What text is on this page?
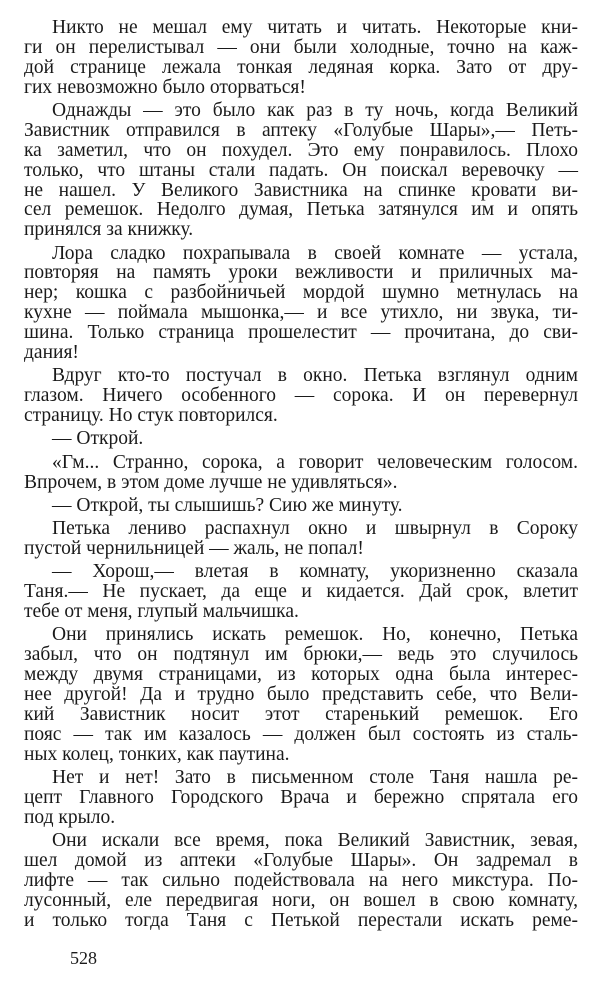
Никто не мешал ему читать и читать. Некоторые кни-
ги он перелистывал — они были холодные, точно на каж-
дой странице лежала тонкая ледяная корка. Зато от дру-
гих невозможно было оторваться!
Однажды — это было как раз в ту ночь, когда Великий
Завистник отправился в аптеку «Голубые Шары»,— Петь-
ка заметил, что он похудел. Это ему понравилось. Плохо
только, что штаны стали падать. Он поискал веревочку —
не нашел. У Великого Завистника на спинке кровати ви-
сел ремешок. Недолго думая, Петька затянулся им и опять
принялся за книжку.
Лора сладко похрапывала в своей комнате — устала,
повторяя на память уроки вежливости и приличных ма-
нер; кошка с разбойничьей мордой шумно метнулась на
кухне — поймала мышонка,— и все утихло, ни звука, ти-
шина. Только страница прошелестит — прочитана, до сви-
дания!
Вдруг кто-то постучал в окно. Петька взглянул одним
глазом. Ничего особенного — сорока. И он перевернул
страницу. Но стук повторился.
— Открой.
«Гм... Странно, сорока, а говорит человеческим голосом.
Впрочем, в этом доме лучше не удивляться».
— Открой, ты слышишь? Сию же минуту.
Петька лениво распахнул окно и швырнул в Сороку
пустой чернильницей — жаль, не попал!
— Хорош,— влетая в комнату, укоризненно сказала
Таня.— Не пускает, да еще и кидается. Дай срок, влетит
тебе от меня, глупый мальчишка.
Они принялись искать ремешок. Но, конечно, Петька
забыл, что он подтянул им брюки,— ведь это случилось
между двумя страницами, из которых одна была интерес-
нее другой! Да и трудно было представить себе, что Вели-
кий Завистник носит этот старенький ремешок. Его
пояс — так им казалось — должен был состоять из сталь-
ных колец, тонких, как паутина.
Нет и нет! Зато в письменном столе Таня нашла ре-
цепт Главного Городского Врача и бережно спрятала его
под крыло.
Они искали все время, пока Великий Завистник, зевая,
шел домой из аптеки «Голубые Шары». Он задремал в
лифте — так сильно подействовала на него микстура. По-
лусонный, еле передвигая ноги, он вошел в свою комнату,
и только тогда Таня с Петькой перестали искать реме-
528
